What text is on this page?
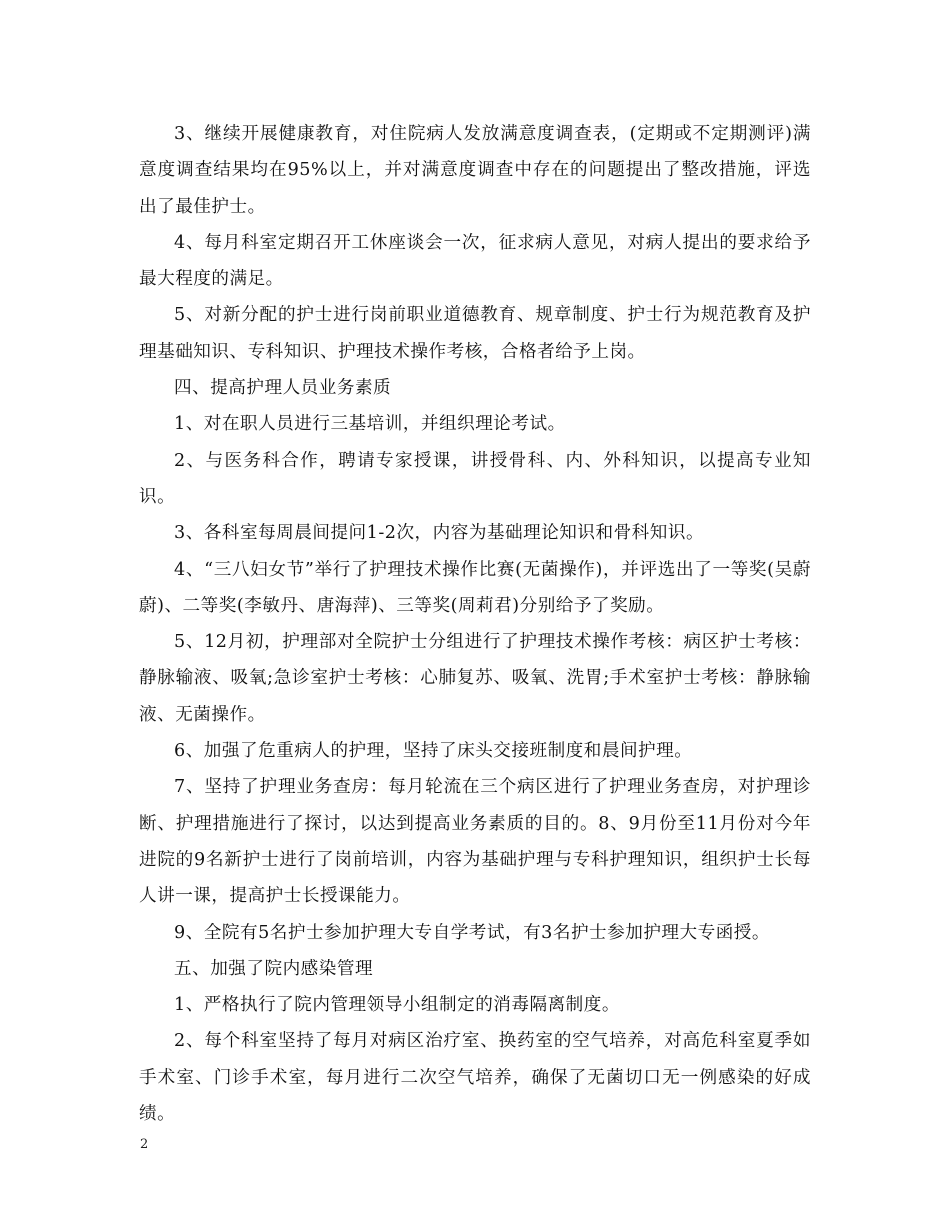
3、继续开展健康教育，对住院病人发放满意度调查表，(定期或不定期测评)满意度调查结果均在95%以上，并对满意度调查中存在的问题提出了整改措施，评选出了最佳护士。

4、每月科室定期召开工休座谈会一次，征求病人意见，对病人提出的要求给予最大程度的满足。

5、对新分配的护士进行岗前职业道德教育、规章制度、护士行为规范教育及护理基础知识、专科知识、护理技术操作考核，合格者给予上岗。

四、提高护理人员业务素质

1、对在职人员进行三基培训，并组织理论考试。

2、与医务科合作，聘请专家授课，讲授骨科、内、外科知识，以提高专业知识。

3、各科室每周晨间提问1-2次，内容为基础理论知识和骨科知识。

4、“三八妇女节”举行了护理技术操作比赛(无菌操作)，并评选出了一等奖(吴蔚蔚)、二等奖(李敏丹、唐海萍)、三等奖(周莉君)分别给予了奖励。

5、12月初，护理部对全院护士分组进行了护理技术操作考核：病区护士考核：静脉输液、吸氧;急诊室护士考核：心肺复苏、吸氧、洗胃;手术室护士考核：静脉输液、无菌操作。

6、加强了危重病人的护理，坚持了床头交接班制度和晨间护理。

7、坚持了护理业务查房：每月轮流在三个病区进行了护理业务查房，对护理诊断、护理措施进行了探讨，以达到提高业务素质的目的。8、9月份至11月份对今年进院的9名新护士进行了岗前培训，内容为基础护理与专科护理知识，组织护士长每人讲一课，提高护士长授课能力。

9、全院有5名护士参加护理大专自学考试，有3名护士参加护理大专函授。

五、加强了院内感染管理

1、严格执行了院内管理领导小组制定的消毒隔离制度。

2、每个科室坚持了每月对病区治疗室、换药室的空气培养，对高危科室夏季如手术室、门诊手术室，每月进行二次空气培养，确保了无菌切口无一例感染的好成绩。

2
